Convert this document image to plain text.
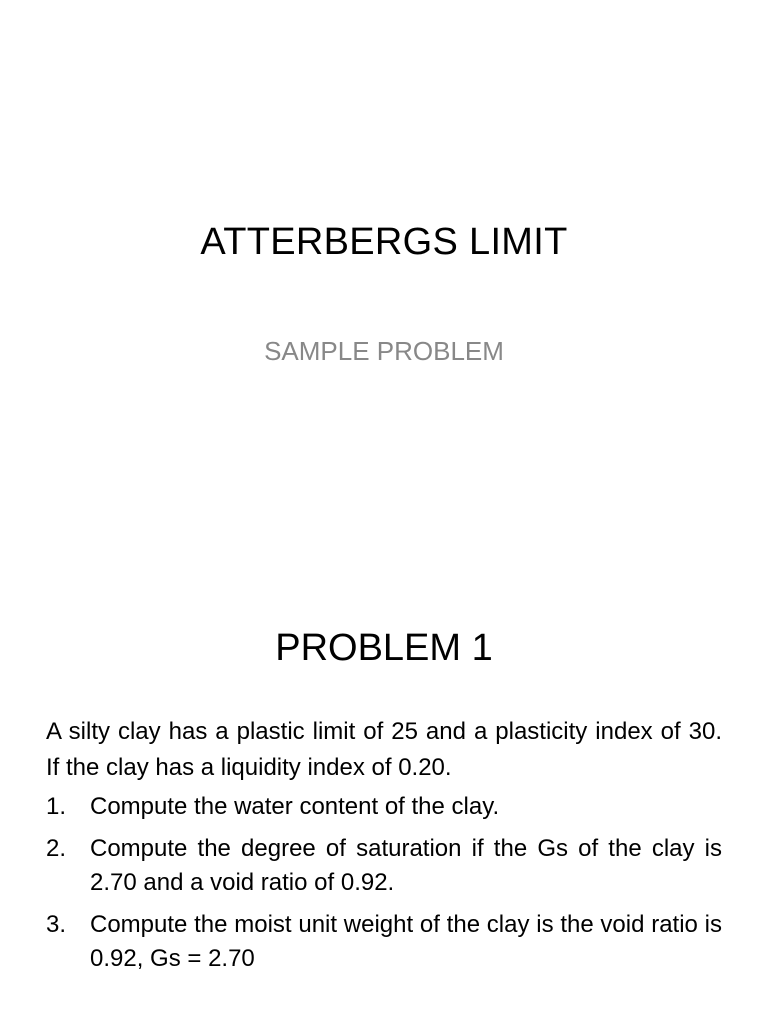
ATTERBERGS LIMIT
SAMPLE PROBLEM
PROBLEM 1

A silty clay has a plastic limit of 25 and a plasticity index of 30. If the clay has a liquidity index of 0.20.

1. Compute the water content of the clay.
2. Compute the degree of saturation if the Gs of the clay is 2.70 and a void ratio of 0.92.
3. Compute the moist unit weight of the clay is the void ratio is 0.92, Gs = 2.70
